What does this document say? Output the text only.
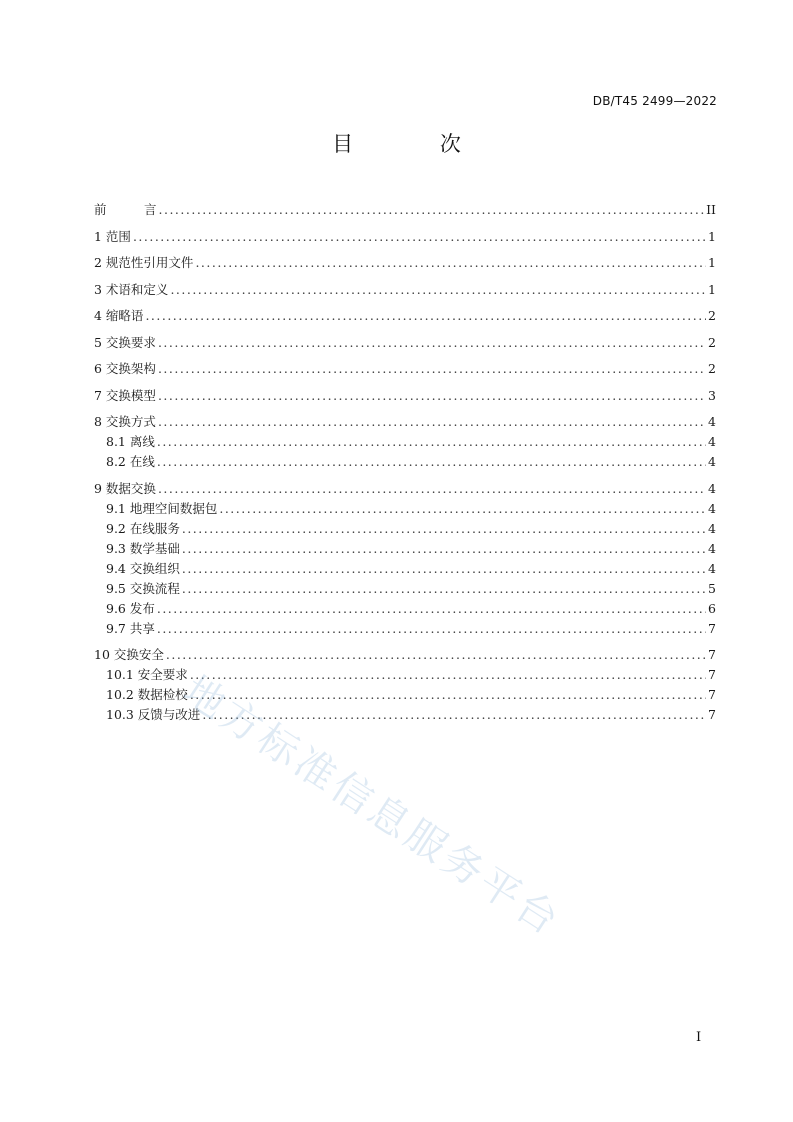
DB/T45 2499—2022
目 次
前　　　言 .....	II
1 范围 .....	1
2 规范性引用文件 .....	1
3 术语和定义 .....	1
4 缩略语 .....	2
5 交换要求 .....	2
6 交换架构 .....	2
7 交换模型 .....	3
8 交换方式 .....	4
8.1 离线 .....	4
8.2 在线 .....	4
9 数据交换 .....	4
9.1 地理空间数据包 .....	4
9.2 在线服务 .....	4
9.3 数学基础 .....	4
9.4 交换组织 .....	4
9.5 交换流程 .....	5
9.6 发布 .....	6
9.7 共享 .....	7
10 交换安全 .....	7
10.1 安全要求 .....	7
10.2 数据检校 .....	7
10.3 反馈与改进 .....	7
I
地方标准信息服务平台
